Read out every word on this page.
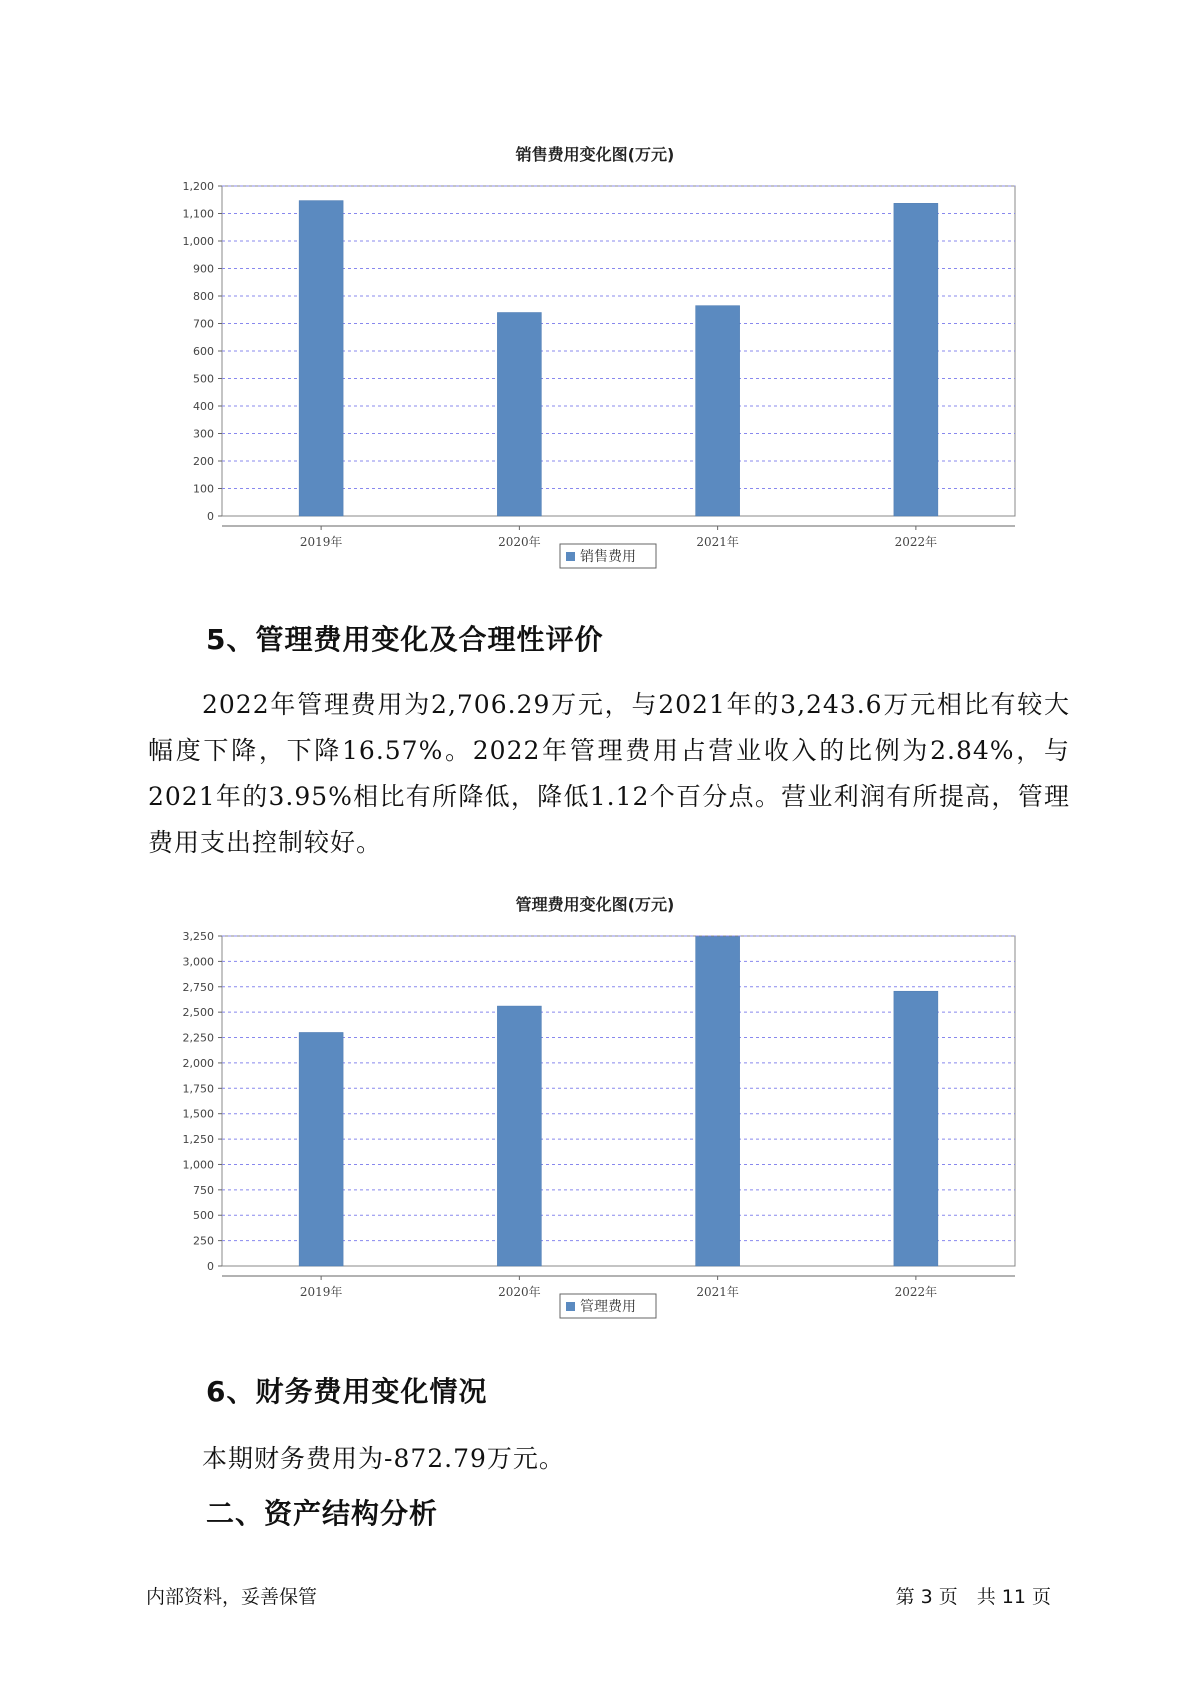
销售费用变化图(万元)
0
100
200
300
400
500
600
700
800
900
1,000
1,100
1,200
2019年	2020年	2021年	2022年
销售费用
5、管理费用变化及合理性评价

2022年管理费用为2,706.29万元，与2021年的3,243.6万元相比有较大幅度下降，下降16.57%。2022年管理费用占营业收入的比例为2.84%，与2021年的3.95%相比有所降低，降低1.12个百分点。营业利润有所提高，管理费用支出控制较好。

管理费用变化图(万元)
0
250
500
750
1,000
1,250
1,500
1,750
2,000
2,250
2,500
2,750
3,000
3,250
2019年	2020年	2021年	2022年
管理费用
6、财务费用变化情况

本期财务费用为-872.79万元。

二、资产结构分析
内部资料，妥善保管	第 3 页　共 11 页
